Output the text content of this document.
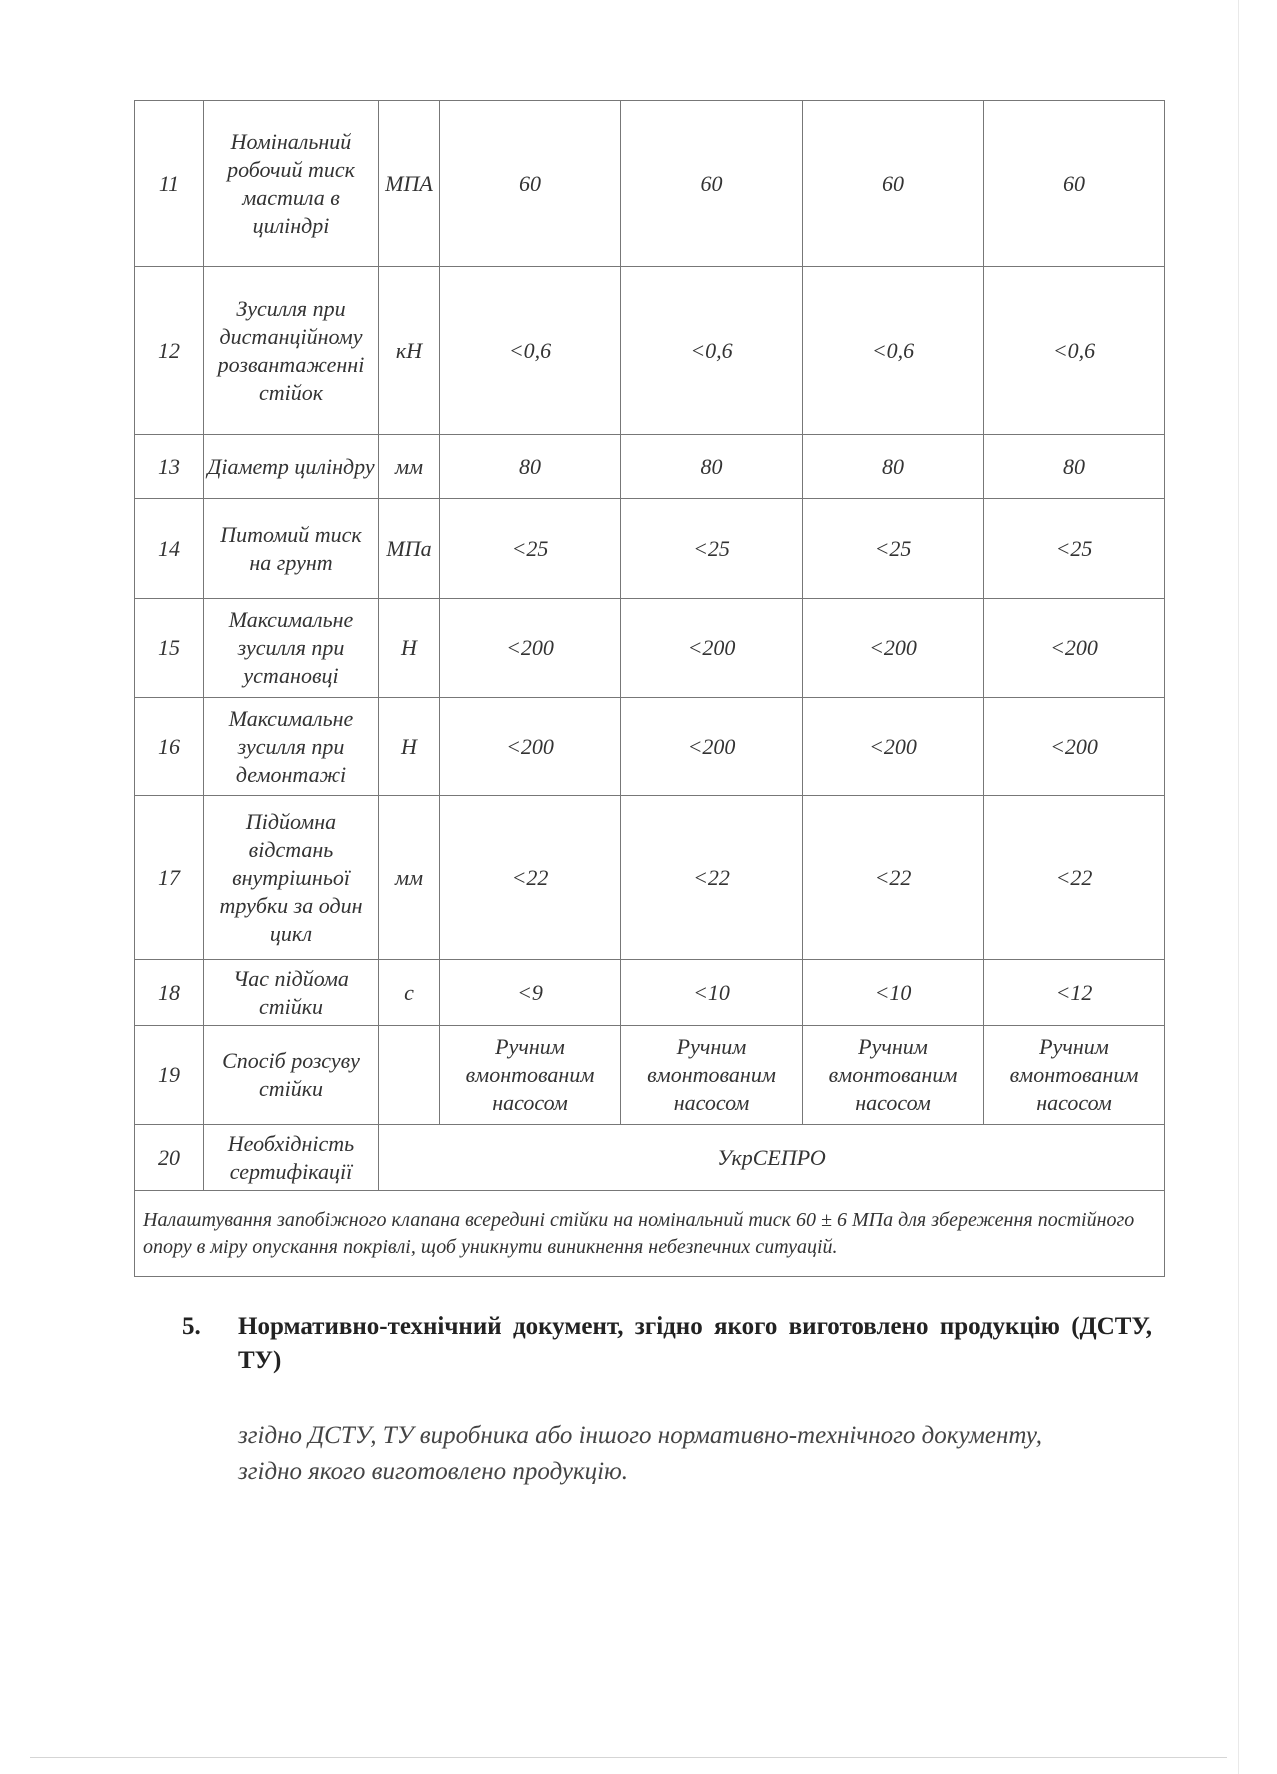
11	Номінальний робочий тиск мастила в циліндрі	МПА	60	60	60	60
12	Зусилля при дистанційному розвантаженні стійок	кН	<0,6	<0,6	<0,6	<0,6
13	Діаметр циліндру	мм	80	80	80	80
14	Питомий тиск на грунт	МПа	<25	<25	<25	<25
15	Максимальне зусилля при установці	Н	<200	<200	<200	<200
16	Максимальне зусилля при демонтажі	Н	<200	<200	<200	<200
17	Підйомна відстань внутрішньої трубки за один цикл	мм	<22	<22	<22	<22
18	Час підйома стійки	с	<9	<10	<10	<12
19	Спосіб розсуву стійки		Ручним вмонтованим насосом	Ручним вмонтованим насосом	Ручним вмонтованим насосом	Ручним вмонтованим насосом
20	Необхідність сертифікації	УкрСЕПРО				
Налаштування запобіжного клапана всередині стійки на номінальний тиск 60 ± 6 МПа для збереження постійного опору в міру опускання покрівлі, щоб уникнути виникнення небезпечних ситуацій.						
5.	Нормативно-технічний документ, згідно якого виготовлено продукцію (ДСТУ, ТУ)
згідно ДСТУ, ТУ виробника або іншого нормативно-технічного документу, згідно якого виготовлено продукцію.
